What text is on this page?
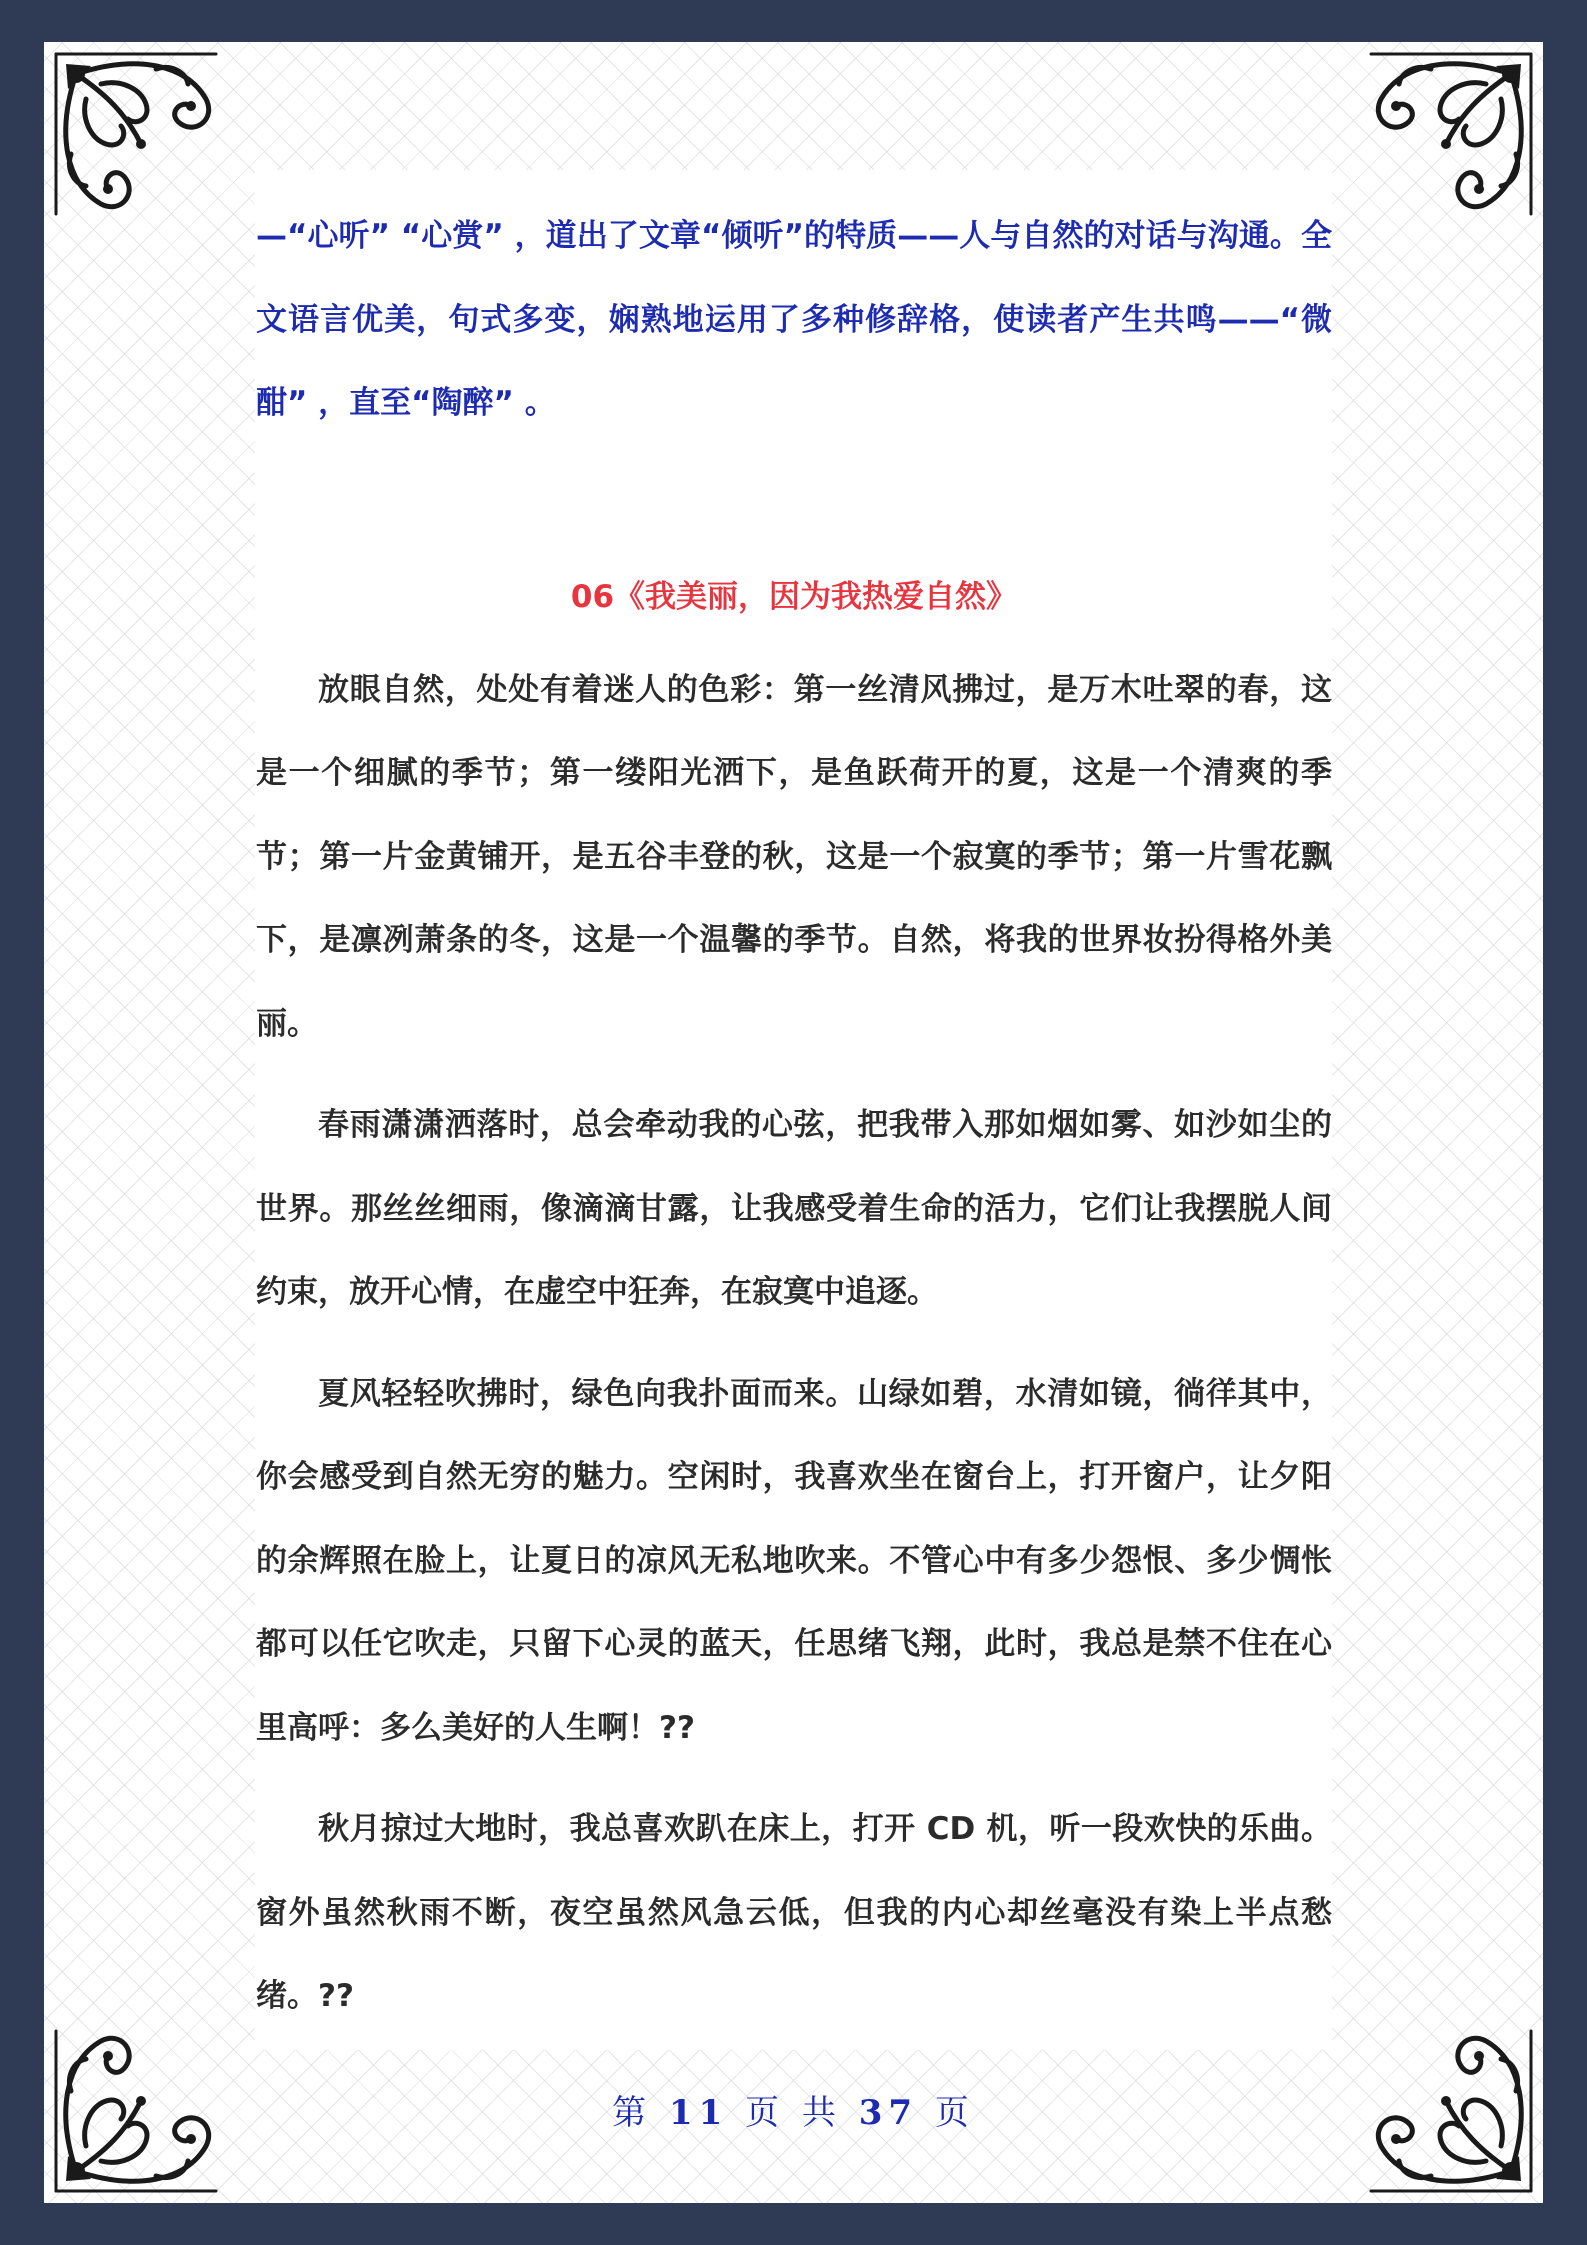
—“心听” “心赏” ，道出了文章“倾听”的特质——人与自然的对话与沟通。全文语言优美，句式多变，娴熟地运用了多种修辞格，使读者产生共鸣——“微酣” ，直至“陶醉” 。

06《我美丽，因为我热爱自然》

放眼自然，处处有着迷人的色彩：第一丝清风拂过，是万木吐翠的春，这是一个细腻的季节；第一缕阳光洒下，是鱼跃荷开的夏，这是一个清爽的季节；第一片金黄铺开，是五谷丰登的秋，这是一个寂寞的季节；第一片雪花飘下，是凛冽萧条的冬，这是一个温馨的季节。自然，将我的世界妆扮得格外美丽。

春雨潇潇洒落时，总会牵动我的心弦，把我带入那如烟如雾、如沙如尘的世界。那丝丝细雨，像滴滴甘露，让我感受着生命的活力，它们让我摆脱人间约束，放开心情，在虚空中狂奔，在寂寞中追逐。

夏风轻轻吹拂时，绿色向我扑面而来。山绿如碧，水清如镜，徜徉其中，你会感受到自然无穷的魅力。空闲时，我喜欢坐在窗台上，打开窗户，让夕阳的余辉照在脸上，让夏日的凉风无私地吹来。不管心中有多少怨恨、多少惆怅都可以任它吹走，只留下心灵的蓝天，任思绪飞翔，此时，我总是禁不住在心里高呼：多么美好的人生啊！??

秋月掠过大地时，我总喜欢趴在床上，打开 CD 机，听一段欢快的乐曲。窗外虽然秋雨不断，夜空虽然风急云低，但我的内心却丝毫没有染上半点愁绪。??

第 11 页 共 37 页
